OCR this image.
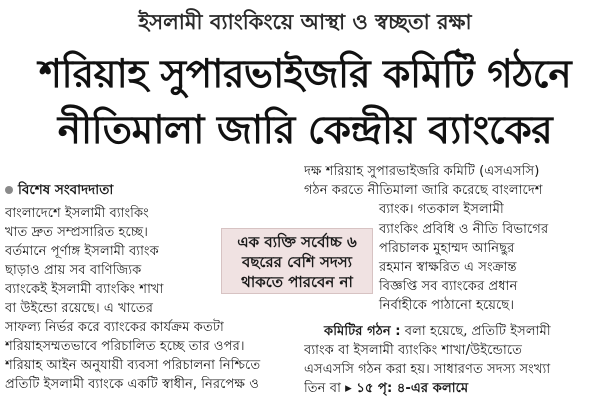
ইসলামী ব্যাংকিংয়ে আস্থা ও স্বচ্ছতা রক্ষা
শরিয়াহ সুপারভাইজরি কমিটি গঠনে
নীতিমালা জারি কেন্দ্রীয় ব্যাংকের
বিশেষ সংবাদদাতা
বাংলাদেশে ইসলামী ব্যাংকিং
খাত দ্রুত সম্প্রসারিত হচ্ছে।
বর্তমানে পূর্ণাঙ্গ ইসলামী ব্যাংক
ছাড়াও প্রায় সব বাণিজ্যিক
ব্যাংকেই ইসলামী ব্যাংকিং শাখা
বা উইন্ডো রয়েছে। এ খাতের
সাফল্য নির্ভর করে ব্যাংকের কার্যক্রম কতটা
শরিয়াহসম্মতভাবে পরিচালিত হচ্ছে তার ওপর।
শরিয়াহ আইন অনুযায়ী ব্যবসা পরিচালনা নিশ্চিতে
প্রতিটি ইসলামী ব্যাংকে একটি স্বাধীন, নিরপেক্ষ ও
এক ব্যক্তি সর্বোচ্চ ৬ বছরের বেশি সদস্য থাকতে পারবেন না
দক্ষ শরিয়াহ সুপারভাইজরি কমিটি (এসএসসি)
গঠন করতে নীতিমালা জারি করেছে বাংলাদেশ
ব্যাংক। গতকাল ইসলামী
ব্যাংকিং প্রবিধি ও নীতি বিভাগের
পরিচালক মুহাম্মদ আনিছুর
রহমান স্বাক্ষরিত এ সংক্রান্ত
বিজ্ঞপ্তি সব ব্যাংকের প্রধান
নির্বাহীকে পাঠানো হয়েছে।
কমিটির গঠন : বলা হয়েছে, প্রতিটি ইসলামী
ব্যাংক বা ইসলামী ব্যাংকিং শাখা/উইন্ডোতে
এসএসসি গঠন করা হয়। সাধারণত সদস্য সংখ্যা
তিন বা ▸ ১৫ পৃ: ৪-এর কলামে
